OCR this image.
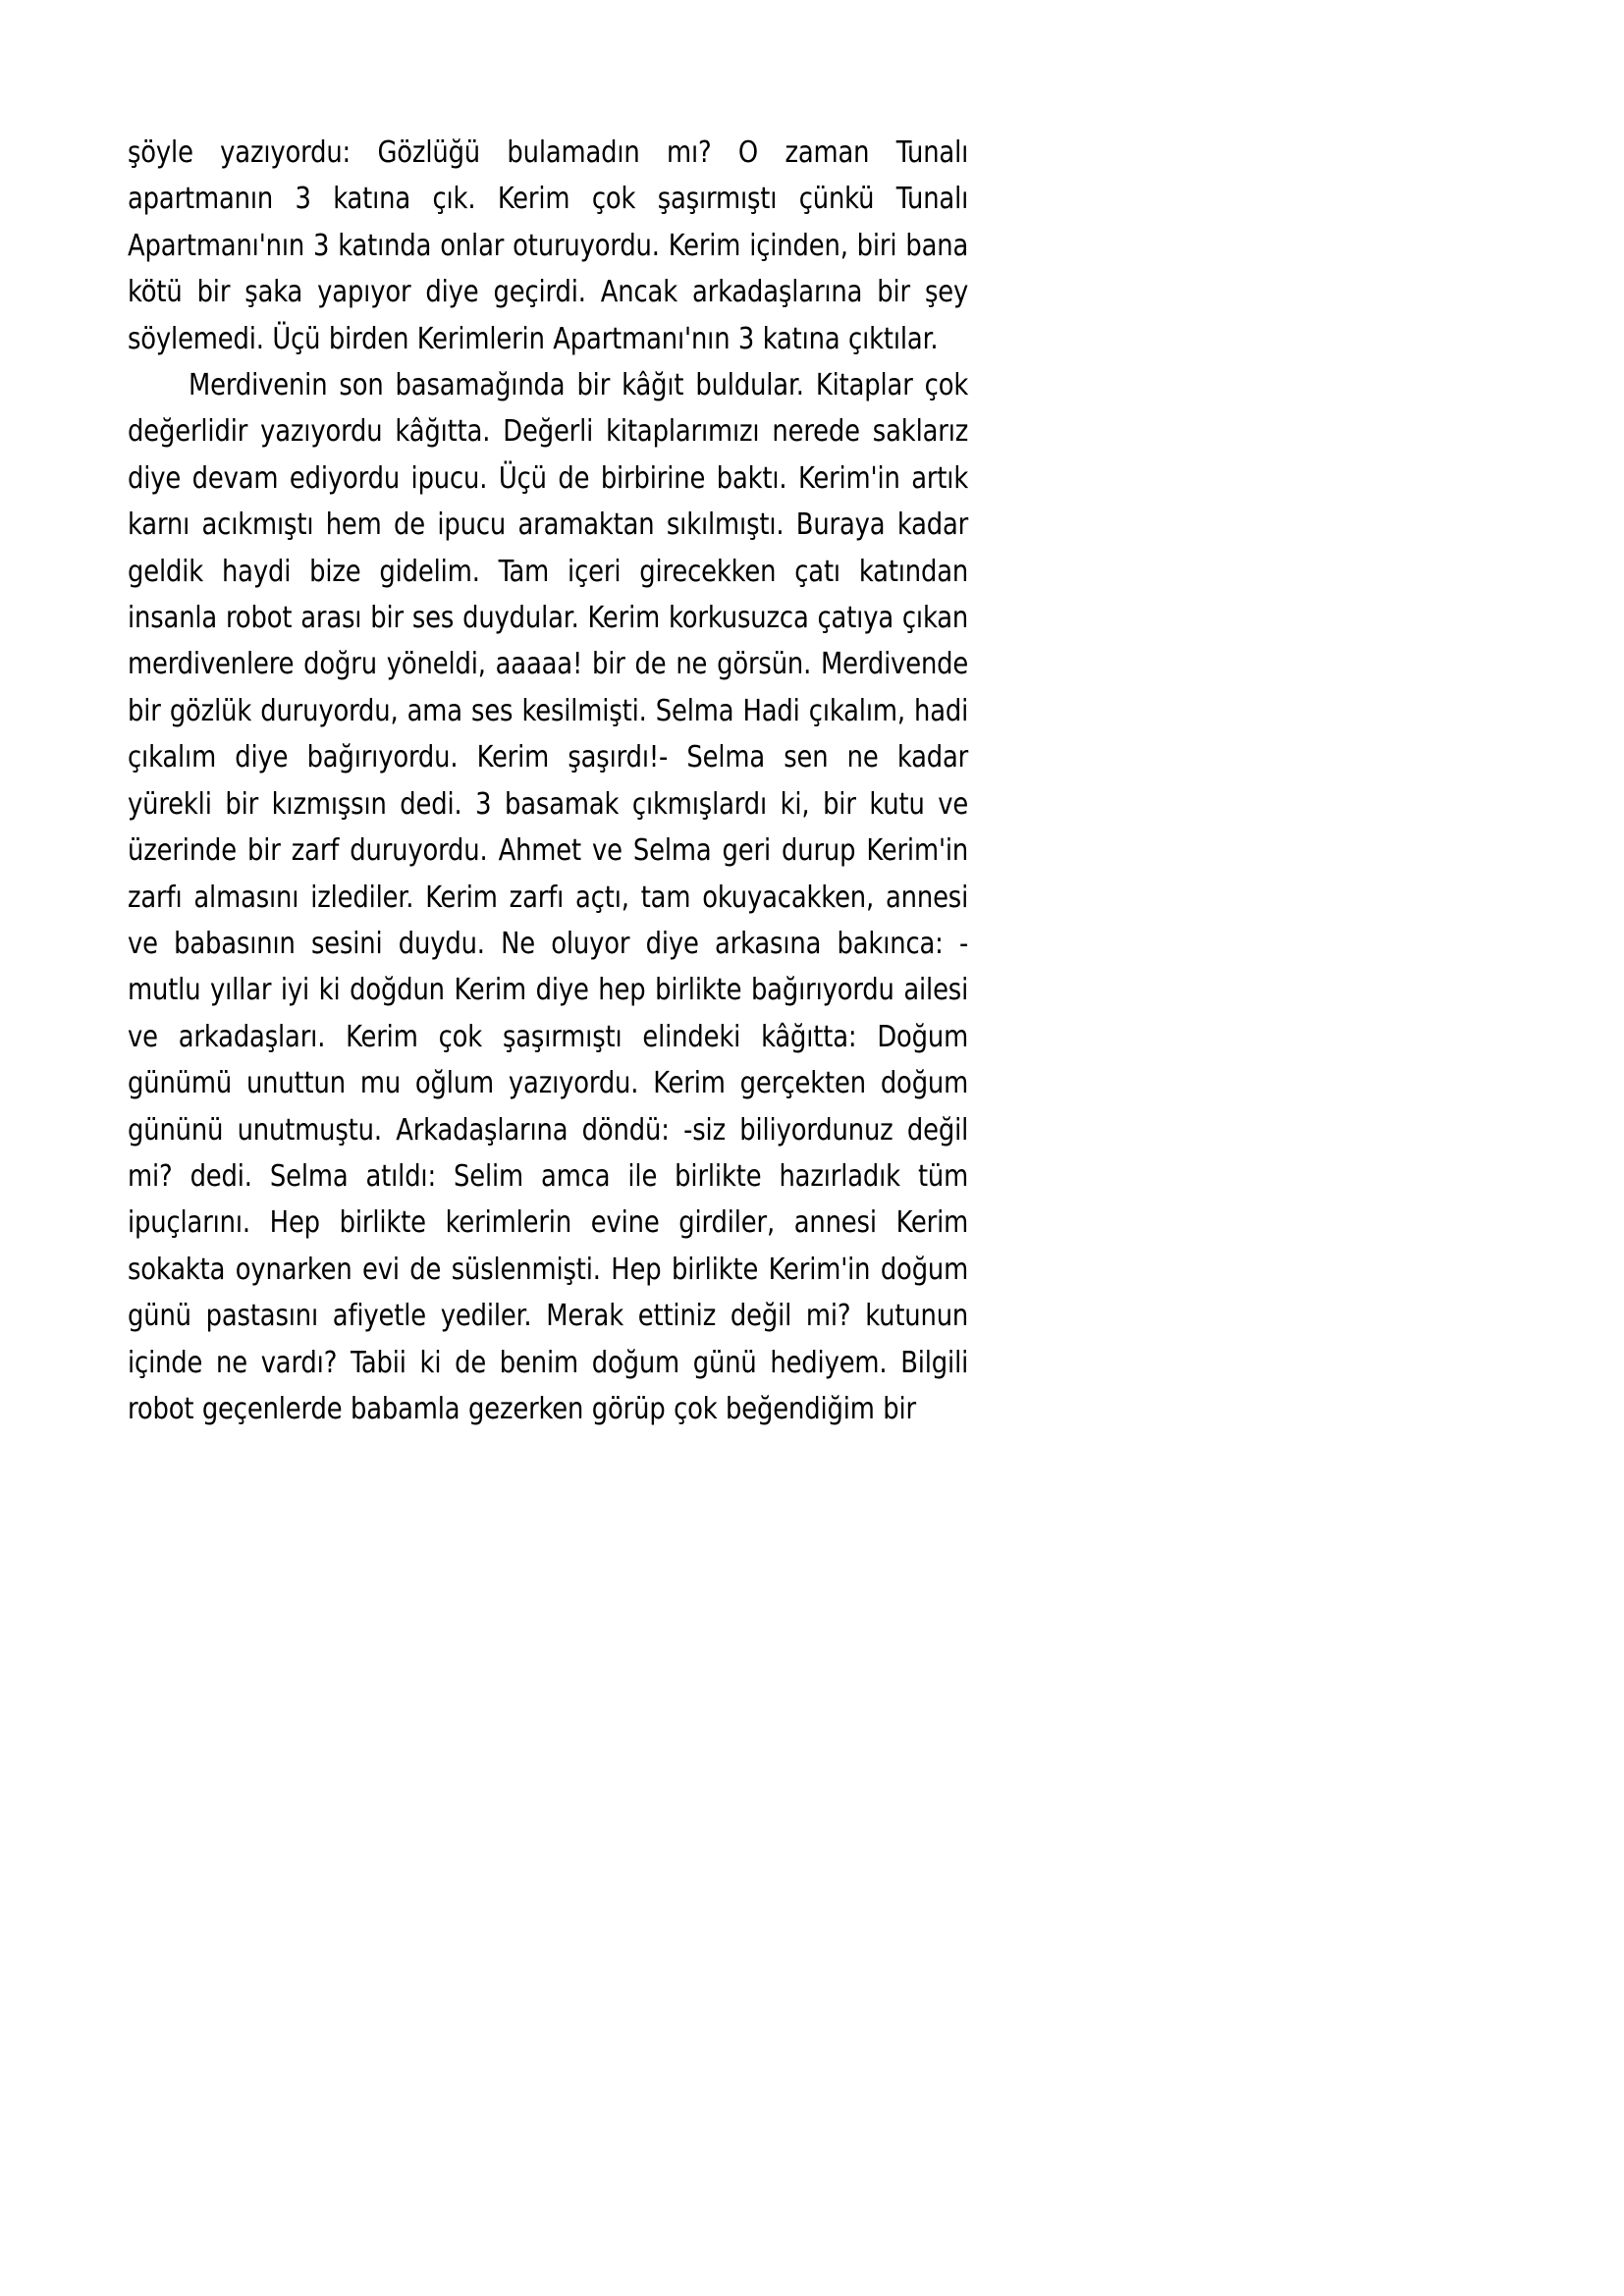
şöyle yazıyordu: Gözlüğü bulamadın mı? O zaman Tunalı apartmanın 3 katına çık. Kerim çok şaşırmıştı çünkü Tunalı Apartmanı'nın 3 katında onlar oturuyordu. Kerim içinden, biri bana kötü bir şaka yapıyor diye geçirdi. Ancak arkadaşlarına bir şey söylemedi. Üçü birden Kerimlerin Apartmanı'nın 3 katına çıktılar.

Merdivenin son basamağında bir kâğıt buldular. Kitaplar çok değerlidir yazıyordu kâğıtta. Değerli kitaplarımızı nerede saklarız diye devam ediyordu ipucu. Üçü de birbirine baktı. Kerim'in artık karnı acıkmıştı hem de ipucu aramaktan sıkılmıştı. Buraya kadar geldik haydi bize gidelim. Tam içeri girecekken çatı katından insanla robot arası bir ses duydular. Kerim korkusuzca çatıya çıkan merdivenlere doğru yöneldi, aaaaa! bir de ne görsün. Merdivende bir gözlük duruyordu, ama ses kesilmişti. Selma Hadi çıkalım, hadi çıkalım diye bağırıyordu. Kerim şaşırdı!- Selma sen ne kadar yürekli bir kızmışsın dedi. 3 basamak çıkmışlardı ki, bir kutu ve üzerinde bir zarf duruyordu. Ahmet ve Selma geri durup Kerim'in zarfı almasını izlediler. Kerim zarfı açtı, tam okuyacakken, annesi ve babasının sesini duydu. Ne oluyor diye arkasına bakınca: -mutlu yıllar iyi ki doğdun Kerim diye hep birlikte bağırıyordu ailesi ve arkadaşları. Kerim çok şaşırmıştı elindeki kâğıtta: Doğum günümü unuttun mu oğlum yazıyordu. Kerim gerçekten doğum gününü unutmuştu. Arkadaşlarına döndü: -siz biliyordunuz değil mi? dedi. Selma atıldı: Selim amca ile birlikte hazırladık tüm ipuçlarını. Hep birlikte kerimlerin evine girdiler, annesi Kerim sokakta oynarken evi de süslenmişti. Hep birlikte Kerim'in doğum günü pastasını afiyetle yediler. Merak ettiniz değil mi? kutunun içinde ne vardı? Tabii ki de benim doğum günü hediyem. Bilgili robot geçenlerde babamla gezerken görüp çok beğendiğim bir
